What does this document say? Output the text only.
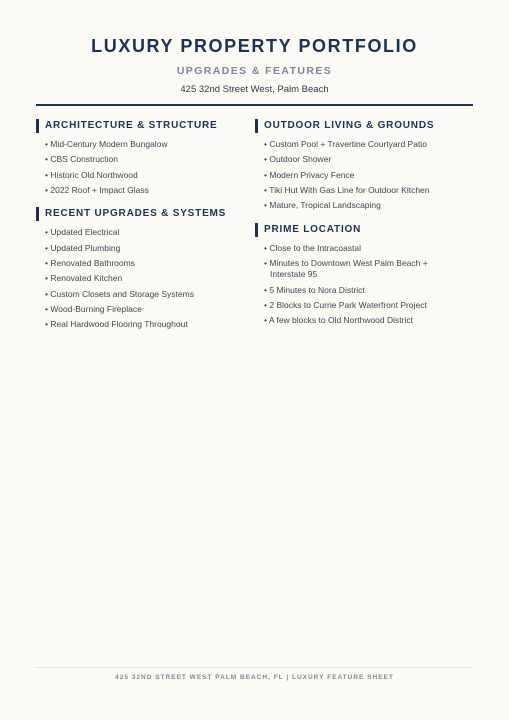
LUXURY PROPERTY PORTFOLIO
UPGRADES & FEATURES
425 32nd Street West, Palm Beach
ARCHITECTURE & STRUCTURE
• Mid-Century Modern Bungalow
• CBS Construction
• Historic Old Northwood
• 2022 Roof + Impact Glass
RECENT UPGRADES & SYSTEMS
• Updated Electrical
• Updated Plumbing
• Renovated Bathrooms
• Renovated Kitchen
• Custom Closets and Storage Systems
• Wood-Burning Fireplace
• Real Hardwood Flooring Throughout
OUTDOOR LIVING & GROUNDS
• Custom Pool + Travertine Courtyard Patio
• Outdoor Shower
• Modern Privacy Fence
• Tiki Hut With Gas Line for Outdoor Kitchen
• Mature, Tropical Landscaping
PRIME LOCATION
• Close to the Intracoastal
• Minutes to Downtown West Palm Beach + Interstate 95
• 5 Minutes to Nora District
• 2 Blocks to Currie Park Waterfront Project
• A few blocks to Old Northwood District
425 32ND STREET WEST PALM BEACH, FL | LUXURY FEATURE SHEET
